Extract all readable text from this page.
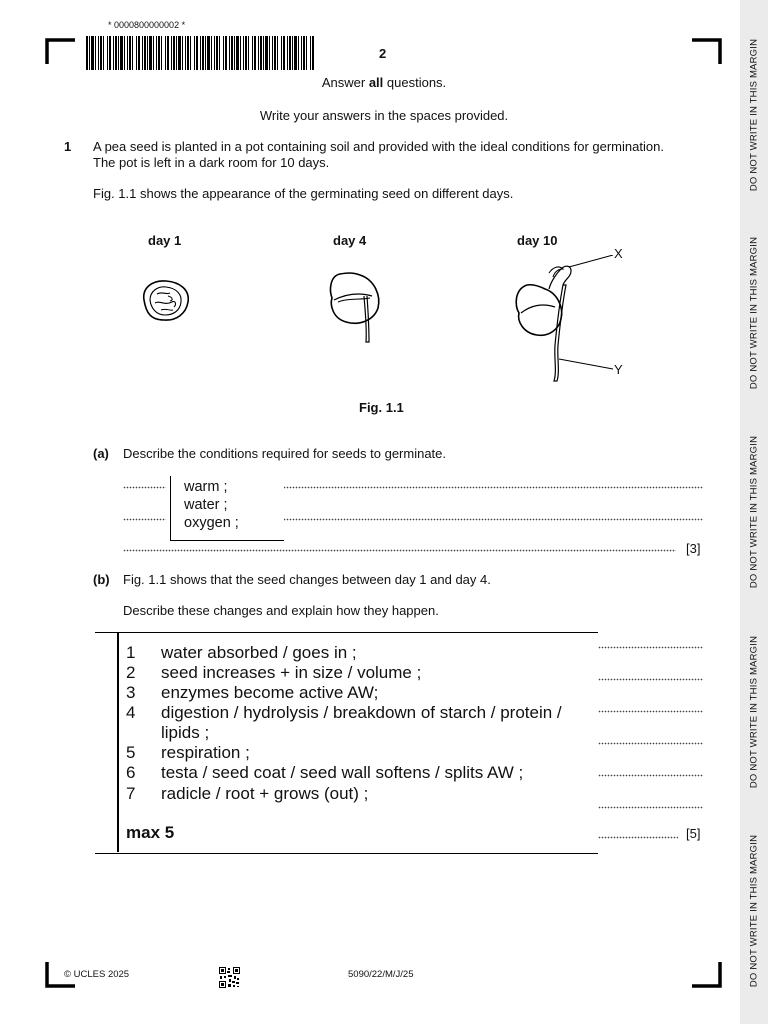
DO NOT WRITE IN THIS MARGIN
DO NOT WRITE IN THIS MARGIN
DO NOT WRITE IN THIS MARGIN
DO NOT WRITE IN THIS MARGIN
DO NOT WRITE IN THIS MARGIN
* 0000800000002 *
2
Answer all questions.
Write your answers in the spaces provided.
1 A pea seed is planted in a pot containing soil and provided with the ideal conditions for germination.
The pot is left in a dark room for 10 days.
Fig. 1.1 shows the appearance of the germinating seed on different days.
day 1	day 4	day 10
X
Y
Fig. 1.1
(a) Describe the conditions required for seeds to germinate.
warm ;
water ;
oxygen ;
[3]
(b) Fig. 1.1 shows that the seed changes between day 1 and day 4.
Describe these changes and explain how they happen.
[5]
1 water absorbed / goes in ;
2 seed increases + in size / volume ;
3 enzymes become active AW;
4 digestion / hydrolysis / breakdown of starch / protein /
lipids ;
5 respiration ;
6 testa / seed coat / seed wall softens / splits AW ;
7 radicle / root + grows (out) ;
max 5
© UCLES 2025	5090/22/M/J/25
